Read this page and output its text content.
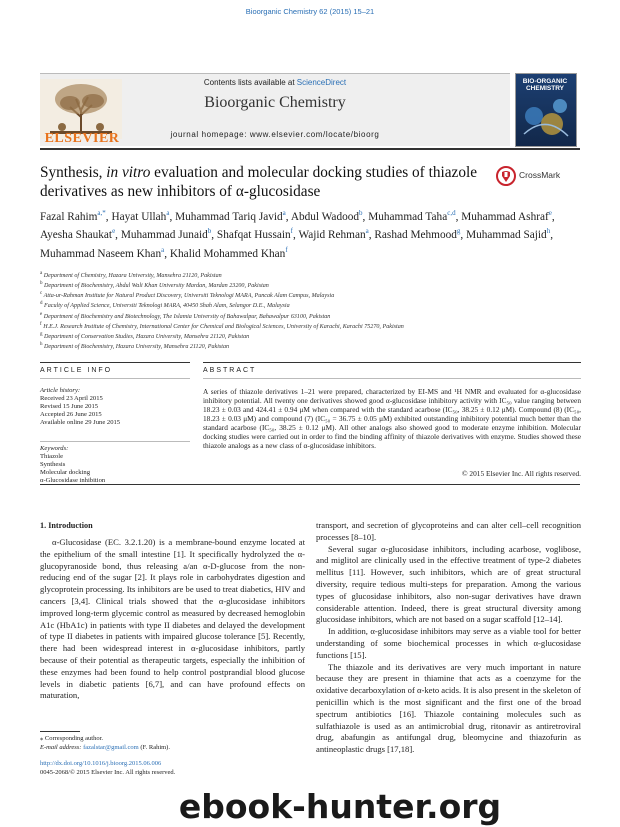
Bioorganic Chemistry 62 (2015) 15–21
Contents lists available at ScienceDirect
Bioorganic Chemistry
journal homepage: www.elsevier.com/locate/bioorg
ELSEVIER
BIO-ORGANIC CHEMISTRY
Synthesis, in vitro evaluation and molecular docking studies of thiazole derivatives as new inhibitors of α-glucosidase
CrossMark
Fazal Rahim$^{a,*}$, Hayat Ullah$^a$, Muhammad Tariq Javid$^a$, Abdul Wadood$^b$, Muhammad Taha$^{c,d}$, Muhammad Ashraf$^e$, Ayesha Shaukat$^e$, Muhammad Junaid$^b$, Shafqat Hussain$^f$, Wajid Rehman$^a$, Rashad Mehmood$^g$, Muhammad Sajid$^h$, Muhammad Naseem Khan$^a$, Khalid Mohammed Khan$^f$
$^a$ Department of Chemistry, Hazara University, Mansehra 21120, Pakistan
$^b$ Department of Biochemistry, Abdul Wali Khan University Mardan, Mardan 23200, Pakistan
$^c$ Atta-ur-Rahman Institute for Natural Product Discovery, Universiti Teknologi MARA, Puncak Alam Campus, Malaysia
$^d$ Faculty of Applied Science, Universiti Teknologi MARA, 40450 Shah Alam, Selangor D.E., Malaysia
$^e$ Department of Biochemistry and Biotechnology, The Islamia University of Bahawalpur, Bahawalpur 63100, Pakistan
$^f$ H.E.J. Research Institute of Chemistry, International Center for Chemical and Biological Sciences, University of Karachi, Karachi 75270, Pakistan
$^g$ Department of Conservation Studies, Hazara University, Mansehra 21120, Pakistan
$^h$ Department of Biochemistry, Hazara University, Mansehra 21120, Pakistan
ARTICLE INFO	ABSTRACT
Article history:
Received 23 April 2015
Revised 15 June 2015
Accepted 26 June 2015
Available online 29 June 2015
Keywords:
Thiazole
Synthesis
Molecular docking
α-Glucosidase inhibition
A series of thiazole derivatives 1–21 were prepared, characterized by EI-MS and ¹H NMR and evaluated for α-glucosidase inhibitory potential. All twenty one derivatives showed good α-glucosidase inhibitory activity with IC₅₀ value ranging between 18.23 ± 0.03 and 424.41 ± 0.94 μM when compared with the standard acarbose (IC₅₀, 38.25 ± 0.12 μM). Compound (8) (IC₅₀, 18.23 ± 0.03 μM) and compound (7) (IC₅₀ = 36.75 ± 0.05 μM) exhibited outstanding inhibitory potential much better than the standard acarbose (IC₅₀, 38.25 ± 0.12 μM). All other analogs also showed good to moderate enzyme inhibition. Molecular docking studies were carried out in order to find the binding affinity of thiazole derivatives with enzyme. Studies showed these thiazole analogs as a new class of α-glucosidase inhibitors.
© 2015 Elsevier Inc. All rights reserved.
1. Introduction

α-Glucosidase (EC. 3.2.1.20) is a membrane-bound enzyme located at the epithelium of the small intestine [1]. It specifically hydrolyzed the α-glucopyranoside bond, thus releasing a/an α-D-glucose from the non-reducing end of the sugar [2]. It plays role in carbohydrates digestion and glycoprotein processing. Its inhibitors are be used to treat diabetics, HIV and cancers [3,4]. Clinical trials showed that the α-glucosidase inhibitors improved long-term glycemic control as measured by decreased hemoglobin A1c (HbA1c) in patients with type II diabetes and delayed the development of type II diabetes in patients with impaired glucose tolerance [5]. Recently, there had been widespread interest in α-glucosidase inhibitors, partly because of their potential as therapeutic targets, especially the inhibition of these enzymes had been found to help control postprandial blood glucose levels in diabetic patients [6,7], and can have profound effects on maturation,

transport, and secretion of glycoproteins and can alter cell–cell recognition processes [8–10].

Several sugar α-glucosidase inhibitors, including acarbose, voglibose, and miglitol are clinically used in the effective treatment of type-2 diabetes mellitus [11]. However, such inhibitors, which are of great structural diversity, require tedious multi-steps for preparation. Among the various types of glucosidase inhibitors, also non-sugar derivatives have drawn considerable attention. Indeed, there is great structural diversity among glucosidase inhibitors, which are not based on a sugar scaffold [12–14].

In addition, α-glucosidase inhibitors may serve as a viable tool for better understanding of some biochemical processes in which α-glucosidase functions [15].

The thiazole and its derivatives are very much important in nature because they are present in thiamine that acts as a coenzyme for the oxidative decarboxylation of α-keto acids. It is also present in the skeleton of penicillin which is the most significant and the first one of the broad spectrum antibiotics [16]. Thiazole containing molecules such as sulfathiazole is used as an antimicrobial drug, ritonavir as antiretroviral drug, abafungin as antifungal drug, bleomycine and thiazofurin as antineoplastic drugs [17,18].

⁎ Corresponding author.
E-mail address: fazalstar@gmail.com (F. Rahim).
http://dx.doi.org/10.1016/j.bioorg.2015.06.006
0045-2068/© 2015 Elsevier Inc. All rights reserved.
ebook-hunter.org
